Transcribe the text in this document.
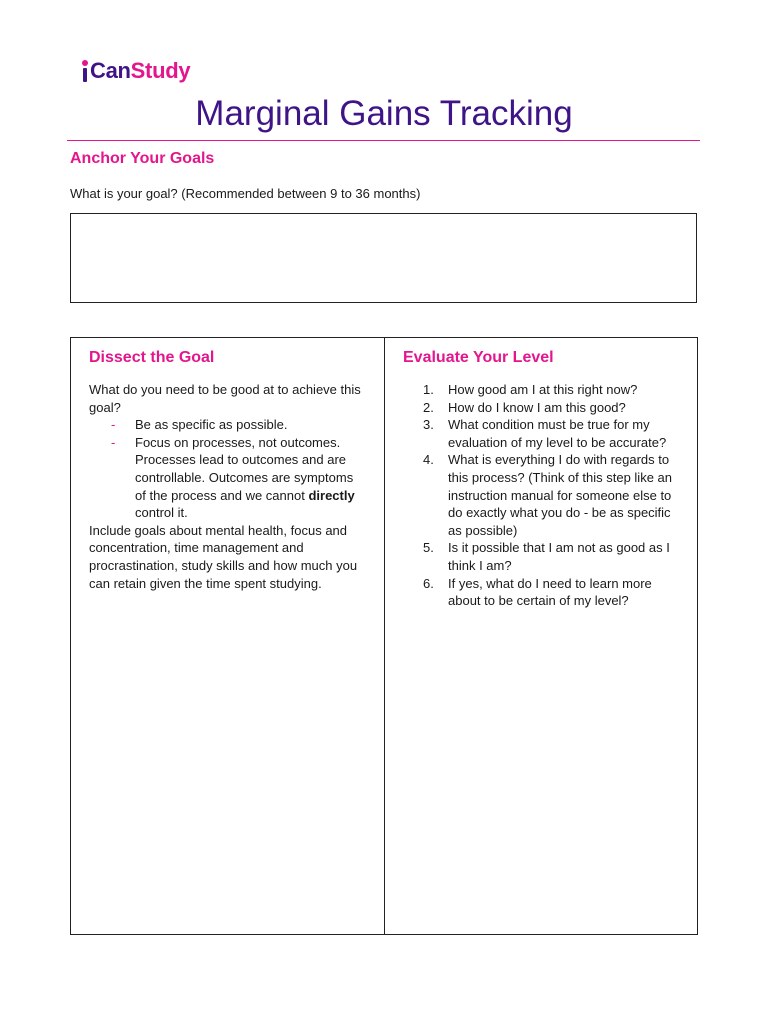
Can Study
Marginal Gains Tracking
Anchor Your Goals
What is your goal? (Recommended between 9 to 36 months)
Dissect the Goal

What do you need to be good at to achieve this goal?

- Be as specific as possible.
- Focus on processes, not outcomes. Processes lead to outcomes and are controllable. Outcomes are symptoms of the process and we cannot directly control it.

Include goals about mental health, focus and concentration, time management and procrastination, study skills and how much you can retain given the time spent studying.

Evaluate Your Level
1. How good am I at this right now?
2. How do I know I am this good?
3. What condition must be true for my evaluation of my level to be accurate?
4. What is everything I do with regards to this process? (Think of this step like an instruction manual for someone else to do exactly what you do - be as specific as possible)
5. Is it possible that I am not as good as I think I am?
6. If yes, what do I need to learn more about to be certain of my level?
